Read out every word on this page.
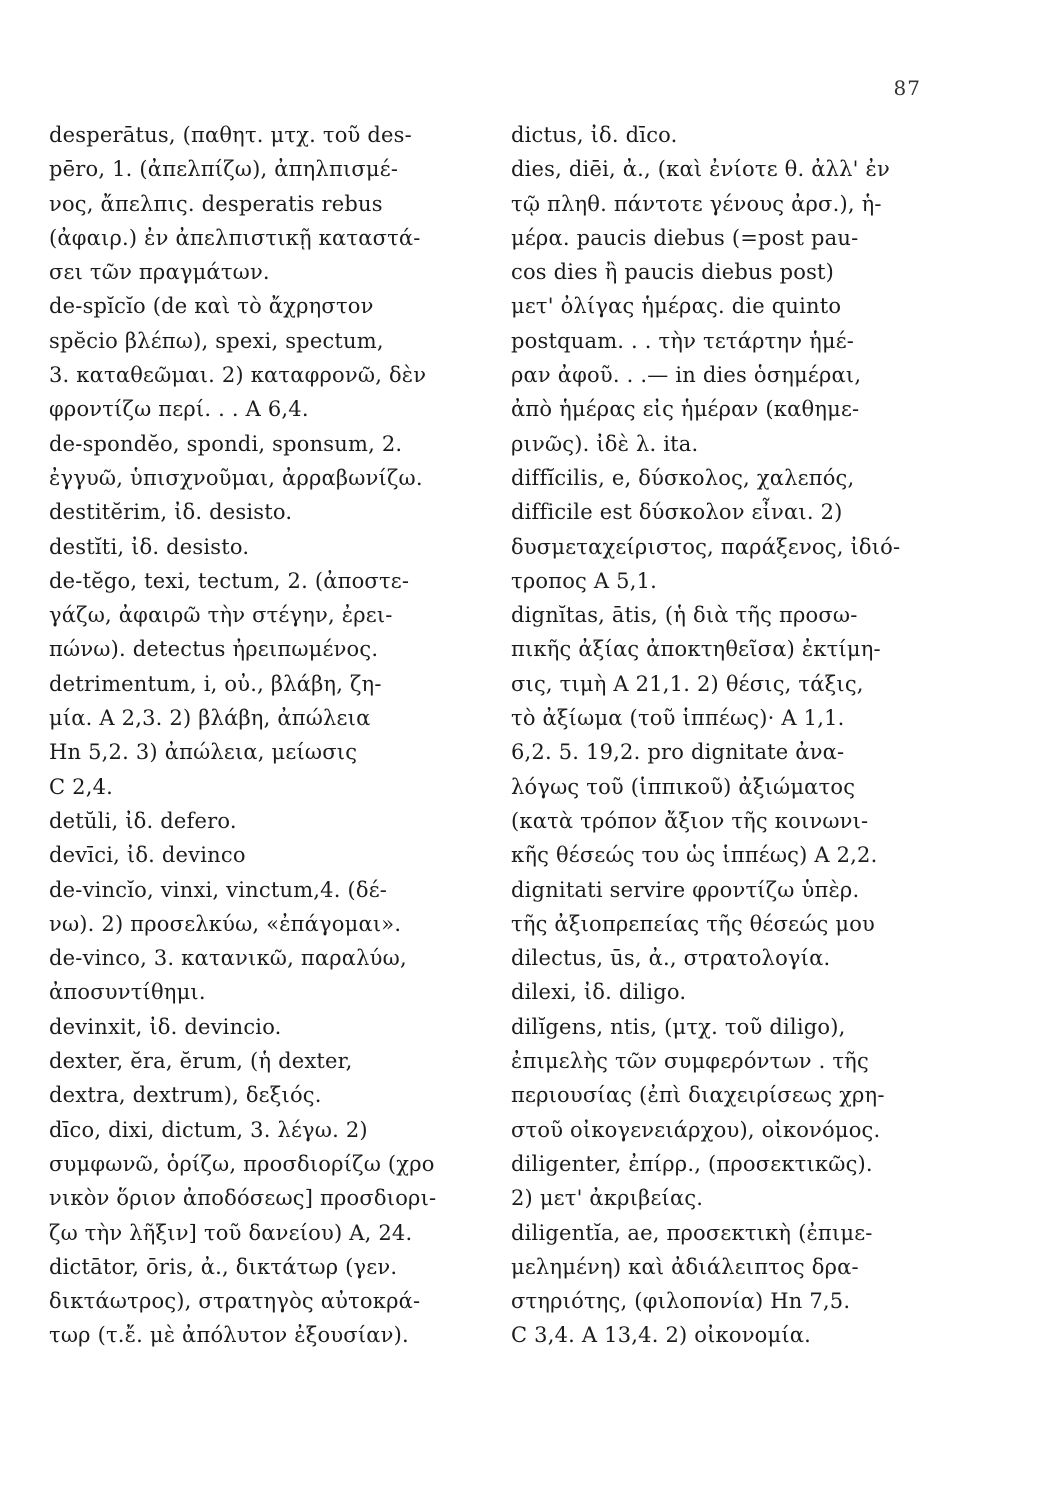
87
desperātus, (παθητ. μτχ. τοῦ des-
pēro, 1. (ἀπελπίζω), ἀπηλπισμέ-
νος, ἄπελπις. desperatis rebus
(ἀφαιρ.) ἐν ἀπελπιστικῇ καταστά-
σει τῶν πραγμάτων.
de-spĭcĭo (de καὶ τὸ ἄχρηστον
spĕcio βλέπω), spexi, spectum,
3. καταθεῶμαι. 2) καταφρονῶ, δὲν
φροντίζω περί. . . A 6,4.
de-spondĕo, spondi, sponsum, 2.
ἐγγυῶ, ὑπισχνοῦμαι, ἀρραβωνίζω.
destitĕrim, ἰδ. desisto.
destĭti, ἰδ. desisto.
de-tĕgo, texi, tectum, 2. (ἀποστε-
γάζω, ἀφαιρῶ τὴν στέγην, ἐρει-
πώνω). detectus ἠρειπωμένος.
detrimentum, i, οὐ., βλάβη, ζη-
μία. A 2,3. 2) βλάβη, ἀπώλεια
Hn 5,2. 3) ἀπώλεια, μείωσις
C 2,4.
detŭli, ἰδ. defero.
devīci, ἰδ. devinco
de-vincĭo, vinxi, vinctum,4. (δέ-
νω). 2) προσελκύω, «ἐπάγομαι».
de-vinco, 3. κατανικῶ, παραλύω,
ἀποσυντίθημι.
devinxit, ἰδ. devincio.
dexter, ĕra, ĕrum, (ἡ dexter,
dextra, dextrum), δεξιός.
dīco, dixi, dictum, 3. λέγω. 2)
συμφωνῶ, ὁρίζω, προσδιορίζω (χρο
νικὸν ὅριον ἀποδόσεως] προσδιορι-
ζω τὴν λῆξιν] τοῦ δανείου) A, 24.
dictātor, ōris, ἀ., δικτάτωρ (γεν.
δικτάωτρος), στρατηγὸς αὐτοκρά-
τωρ (τ.ἔ. μὲ ἀπόλυτον ἐξουσίαν).
dictus, ἰδ. dīco.
dies, diēi, ἀ., (καὶ ἐνίοτε θ. ἀλλ' ἐν
τῷ πληθ. πάντοτε γένους ἀρσ.), ἡ-
μέρα. paucis diebus (=post pau-
cos dies ἢ paucis diebus post)
μετ' ὀλίγας ἡμέρας. die quinto
postquam. . . τὴν τετάρτην ἡμέ-
ραν ἀφοῦ. . .— in dies ὁσημέραι,
ἀπὸ ἡμέρας εἰς ἡμέραν (καθημε-
ρινῶς). ἰδὲ λ. ita.
diffĭcilis, e, δύσκολος, χαλεπός,
difficile est δύσκολον εἶναι. 2)
δυσμεταχείριστος, παράξενος, ἰδιό-
τροπος A 5,1.
dignĭtas, ātis, (ἡ διὰ τῆς προσω-
πικῆς ἀξίας ἀποκτηθεῖσα) ἐκτίμη-
σις, τιμὴ A 21,1. 2) θέσις, τάξις,
τὸ ἀξίωμα (τοῦ ἱππέως)· A 1,1.
6,2. 5. 19,2. pro dignitate ἀνα-
λόγως τοῦ (ἱππικοῦ) ἀξιώματος
(κατὰ τρόπον ἄξιον τῆς κοινωνι-
κῆς θέσεώς του ὡς ἱππέως) A 2,2.
dignitati servire φροντίζω ὑπὲρ.
τῆς ἀξιοπρεπείας τῆς θέσεώς μου
dilectus, ūs, ἀ., στρατολογία.
dilexi, ἰδ. diligo.
dilĭgens, ntis, (μτχ. τοῦ diligo),
ἐπιμελὴς τῶν συμφερόντων . τῆς
περιουσίας (ἐπὶ διαχειρίσεως χρη-
στοῦ οἰκογενειάρχου), οἰκονόμος.
diligenter, ἐπίρρ., (προσεκτικῶς).
2) μετ' ἀκριβείας.
diligentĭa, ae, προσεκτικὴ (ἐπιμε-
μελημένη) καὶ ἀδιάλειπτος δρα-
στηριότης, (φιλοπονία) Hn 7,5.
C 3,4. A 13,4. 2) οἰκονομία.
